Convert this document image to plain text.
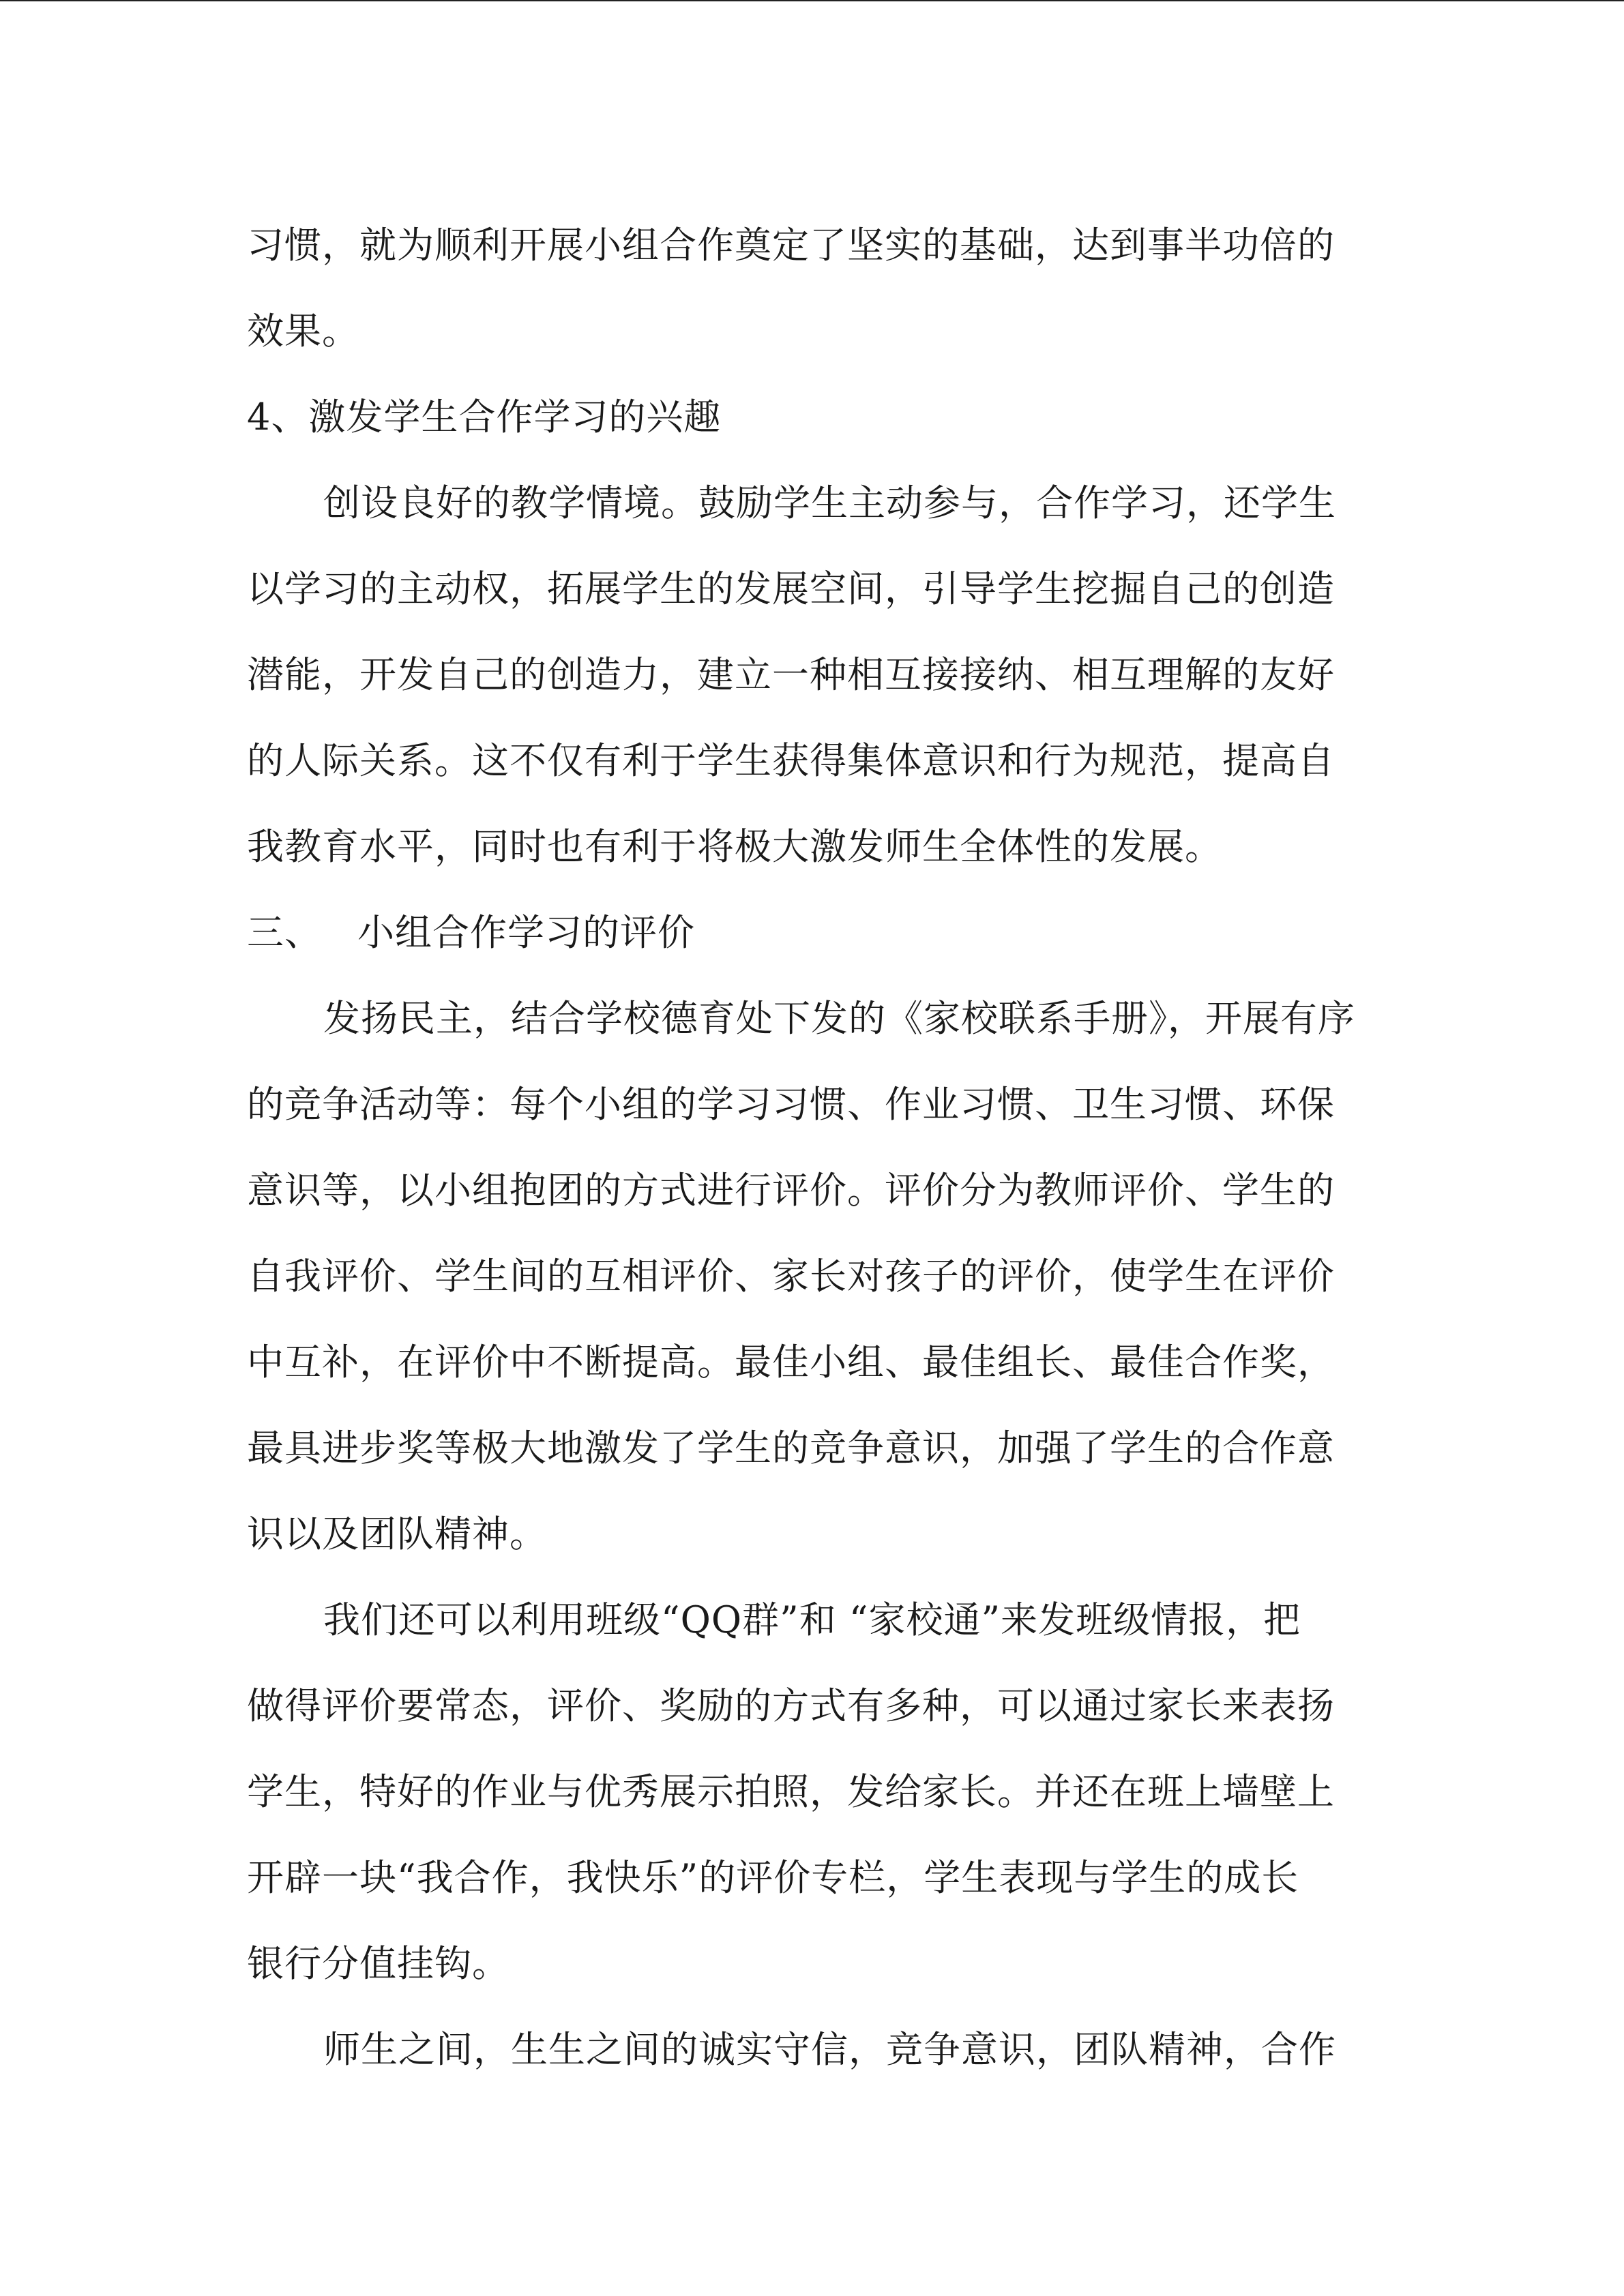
习惯，就为顺利开展小组合作奠定了坚实的基础，达到事半功倍的
效果。
4、激发学生合作学习的兴趣
创设良好的教学情境。鼓励学生主动参与，合作学习，还学生
以学习的主动权，拓展学生的发展空间，引导学生挖掘自己的创造
潜能，开发自己的创造力，建立一种相互接接纳、相互理解的友好
的人际关系。这不仅有利于学生获得集体意识和行为规范，提高自
我教育水平，同时也有利于将极大激发师生全体性的发展。
三、 小组合作学习的评价
发扬民主，结合学校德育处下发的《家校联系手册》，开展有序
的竞争活动等：每个小组的学习习惯、作业习惯、卫生习惯、环保
意识等，以小组抱团的方式进行评价。评价分为教师评价、学生的
自我评价、学生间的互相评价、家长对孩子的评价，使学生在评价
中互补，在评价中不断提高。最佳小组、最佳组长、最佳合作奖，
最具进步奖等极大地激发了学生的竞争意识，加强了学生的合作意
识以及团队精神。
我们还可以利用班级“QQ群”和 “家校通”来发班级情报，把
做得评价要常态，评价、奖励的方式有多种，可以通过家长来表扬
学生，特好的作业与优秀展示拍照，发给家长。并还在班上墙壁上
开辟一块“我合作，我快乐”的评价专栏，学生表现与学生的成长
银行分值挂钩。
师生之间，生生之间的诚实守信，竞争意识，团队精神，合作
